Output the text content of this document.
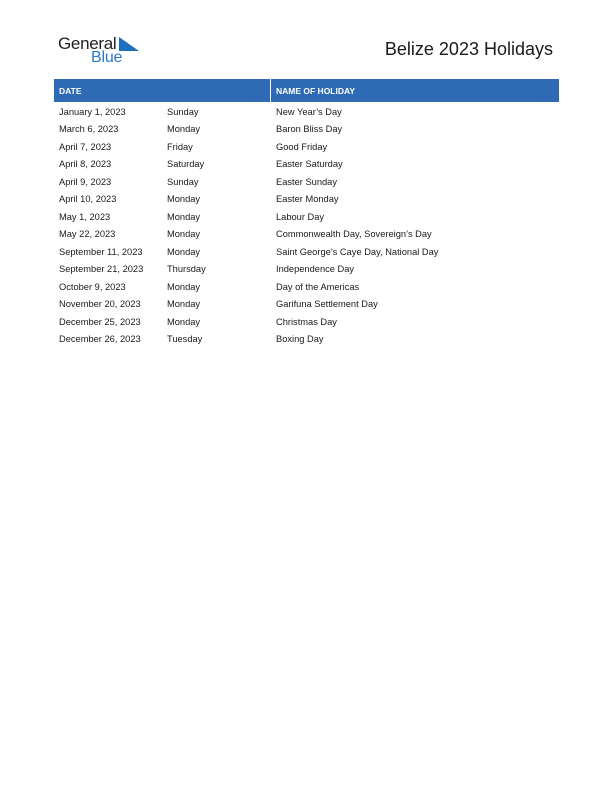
General
Blue	Belize 2023 Holidays
DATE	NAME OF HOLIDAY
January 1, 2023	Sunday	New Year’s Day
March 6, 2023	Monday	Baron Bliss Day
April 7, 2023	Friday	Good Friday
April 8, 2023	Saturday	Easter Saturday
April 9, 2023	Sunday	Easter Sunday
April 10, 2023	Monday	Easter Monday
May 1, 2023	Monday	Labour Day
May 22, 2023	Monday	Commonwealth Day, Sovereign’s Day
September 11, 2023	Monday	Saint George’s Caye Day, National Day
September 21, 2023	Thursday	Independence Day
October 9, 2023	Monday	Day of the Americas
November 20, 2023	Monday	Garifuna Settlement Day
December 25, 2023	Monday	Christmas Day
December 26, 2023	Tuesday	Boxing Day
